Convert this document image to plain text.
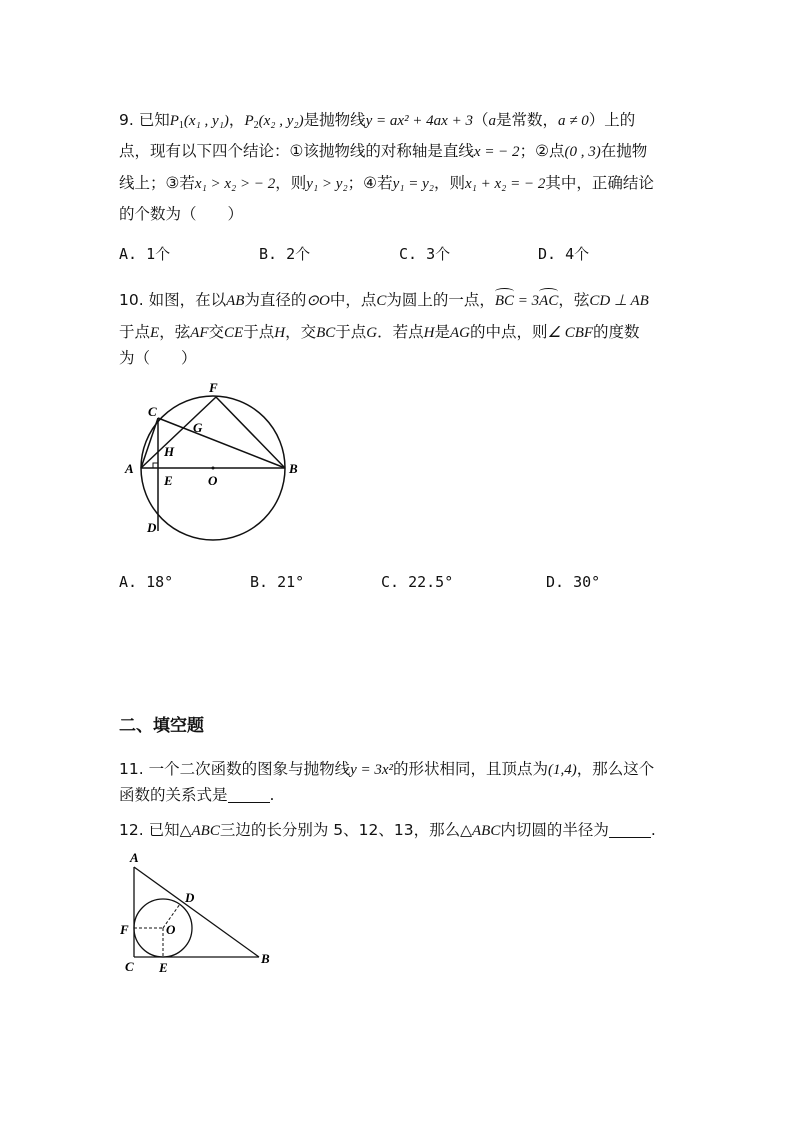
9. 已知$P_1(x_1$ , y₁)，$P_2(x_2$ , y₂)是抛物线y = ax² + 4ax + 3（a是常数，a ≠ 0）上的
点，现有以下四个结论：①该抛物线的对称轴是直线x = − 2；②点(0 , 3)在抛物
线上；③若x₁ > x₂ > − 2，则y₁ > y₂；④若y₁ = y₂，则x₁ + x₂ = − 2其中，正确结论
的个数为（　　）
A. 1个	B. 2个	C. 3个	D. 4个
10. 如图，在以AB为直径的⊙O中，点C为圆上的一点，BC = 3AC，弦CD ⊥ AB
于点E，弦AF交CE于点H，交BC于点G．若点H是AG的中点，则∠ CBF的度数
为（　　）
A	B
C
D
E
F
G
H
O
A. 18°	B. 21°	C. 22.5°	D. 30°
二、填空题
11. 一个二次函数的图象与抛物线y = 3x²的形状相同，且顶点为(1,4)，那么这个
函数的关系式是	.
12. 已知△ABC三边的长分别为 5、12、13，那么△ABC内切圆的半径为	.
A
B
C
D
E
F	O
